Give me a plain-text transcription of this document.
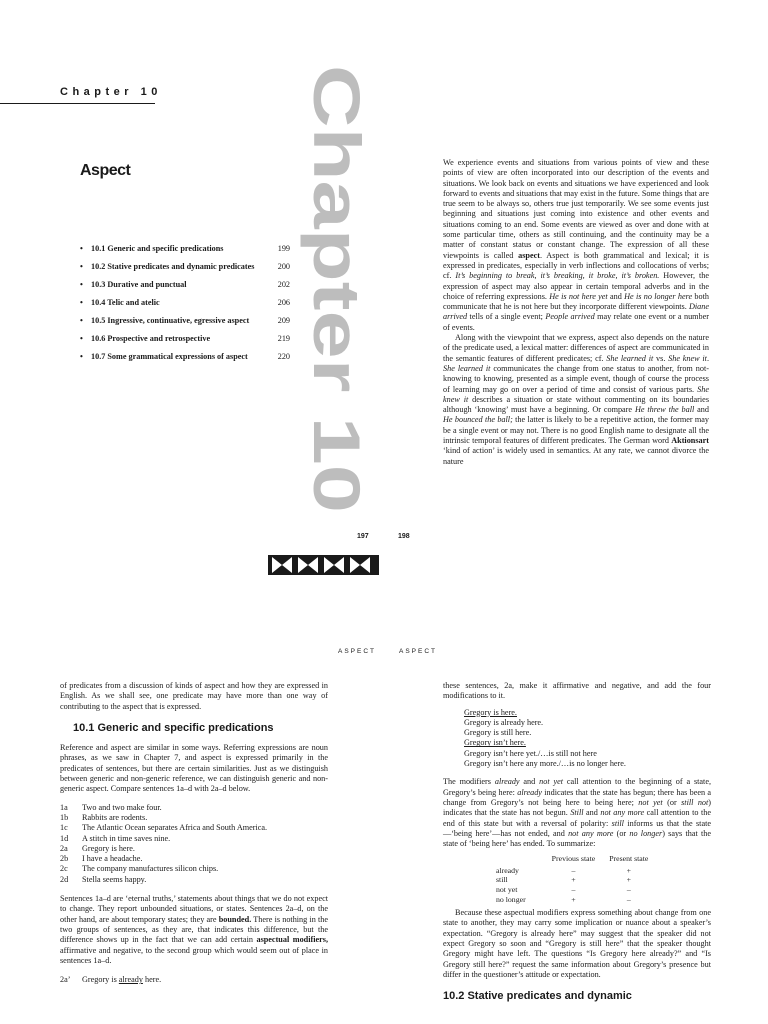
Chapter 10 Chapter 10
Aspect
• 10.1 Generic and specific predications	199
• 10.2 Stative predicates and dynamic predicates	200
• 10.3 Durative and punctual	202
• 10.4 Telic and atelic	206
• 10.5 Ingressive, continuative, egressive aspect	209
• 10.6 Prospective and retrospective	219
• 10.7 Some grammatical expressions of aspect	220

We experience events and situations from various points of view and these points of view are often incorporated into our description of the events and situations. We look back on events and situations we have experienced and look forward to events and situations that may exist in the future. Some things that are true seem to be always so, others true just temporarily. We see some events just beginning and situations just coming into existence and other events and situations coming to an end. Some events are viewed as over and done with at some particular time, others as still continuing, and the continuity may be a matter of constant status or constant change. The expression of all these viewpoints is called aspect. Aspect is both grammatical and lexical; it is expressed in predicates, especially in verb inflections and collocations of verbs; cf. It’s beginning to break, it’s breaking, it broke, it’s broken. However, the expression of aspect may also appear in certain temporal adverbs and in the choice of referring expressions. He is not here yet and He is no longer here both communicate that he is not here but they incorporate different viewpoints. Diane arrived tells of a single event; People arrived may relate one event or a number of events.

Along with the viewpoint that we express, aspect also depends on the nature of the predicate used, a lexical matter: differences of aspect are communicated in the semantic features of different predicates; cf. She learned it vs. She knew it. She learned it communicates the change from one status to another, from not-knowing to knowing, presented as a simple event, though of course the process of learning may go on over a period of time and consist of various parts. She knew it describes a situation or state without commenting on its boundaries although ‘knowing’ must have a beginning. Or compare He threw the ball and He bounced the ball; the latter is likely to be a repetitive action, the former may be a single event or may not. There is no good English name to designate all the intrinsic temporal features of different predicates. The German word Aktionsart ‘kind of action’ is widely used in semantics. At any rate, we cannot divorce the nature

197	198
ASPECT	ASPECT

of predicates from a discussion of kinds of aspect and how they are expressed in English. As we shall see, one predicate may have more than one way of contributing to the aspect that is expressed.

10.1 Generic and specific predications

Reference and aspect are similar in some ways. Referring expressions are noun phrases, as we saw in Chapter 7, and aspect is expressed primarily in the predicates of sentences, but there are certain similarities. Just as we distinguish between generic and non-generic reference, we can distinguish generic and non-generic aspect. Compare sentences 1a–d with 2a–d below.

1a	Two and two make four.
1b	Rabbits are rodents.
1c	The Atlantic Ocean separates Africa and South America.
1d	A stitch in time saves nine.
2a	Gregory is here.
2b	I have a headache.
2c	The company manufactures silicon chips.
2d	Stella seems happy.

Sentences 1a–d are ‘eternal truths,’ statements about things that we do not expect to change. They report unbounded situations, or states. Sentences 2a–d, on the other hand, are about temporary states; they are bounded. There is nothing in the two groups of sentences, as they are, that indicates this difference, but the difference shows up in the fact that we can add certain aspectual modifiers, affirmative and negative, to the second group which would seem out of place in sentences 1a–d.

2a’	Gregory is already here.

these sentences, 2a, make it affirmative and negative, and add the four modifications to it.

Gregory is here.
Gregory is already here.
Gregory is still here.
Gregory isn’t here.
Gregory isn’t here yet./…is still not here
Gregory isn’t here any more./…is no longer here.

The modifiers already and not yet call attention to the beginning of a state, Gregory’s being here: already indicates that the state has begun; there has been a change from Gregory’s not being here to being here; not yet (or still not) indicates that the state has not begun. Still and not any more call attention to the end of this state but with a reversal of polarity: still informs us that the state—‘being here’—has not ended, and not any more (or no longer) says that the state of ‘being here’ has ended. To summarize:

	Previous state	Present state
already	–	+
still	+	+
not yet	–	–
no longer	+	–

Because these aspectual modifiers express something about change from one state to another, they may carry some implication or nuance about a speaker’s expectation. “Gregory is already here” may suggest that the speaker did not expect Gregory so soon and “Gregory is still here” that the speaker thought Gregory might have left. The questions “Is Gregory here already?” and “Is Gregory still here?” request the same information about Gregory’s presence but differ in the questioner’s attitude or expectation.

10.2 Stative predicates and dynamic
